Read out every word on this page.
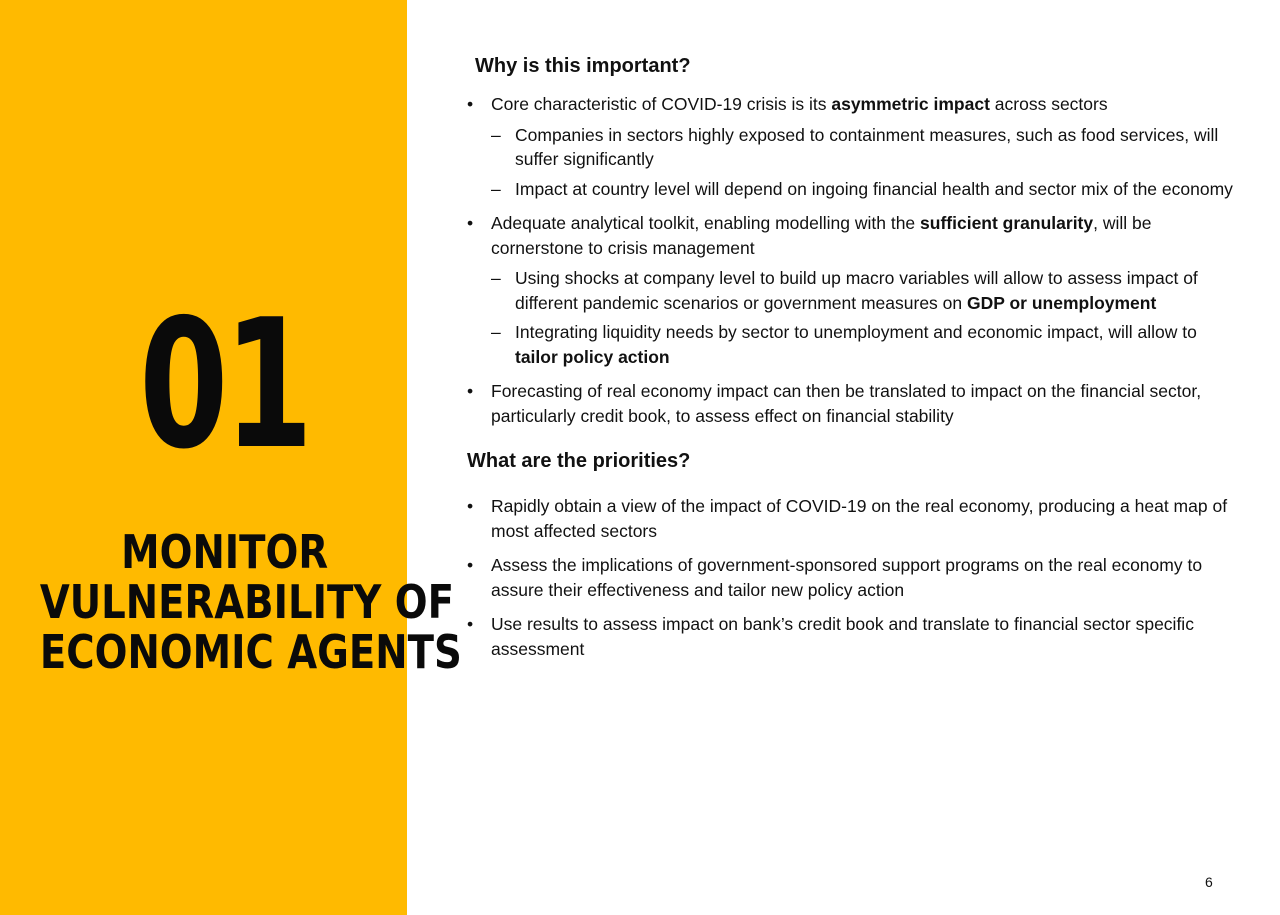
01
MONITOR
VULNERABILITY OF
ECONOMIC AGENTS
Why is this important?
• Core characteristic of COVID-19 crisis is its asymmetric impact across sectors
– Companies in sectors highly exposed to containment measures, such as food services, will suffer significantly
– Impact at country level will depend on ingoing financial health and sector mix of the economy
• Adequate analytical toolkit, enabling modelling with the sufficient granularity, will be cornerstone to crisis management
– Using shocks at company level to build up macro variables will allow to assess impact of different pandemic scenarios or government measures on GDP or unemployment
– Integrating liquidity needs by sector to unemployment and economic impact, will allow to tailor policy action
• Forecasting of real economy impact can then be translated to impact on the financial sector, particularly credit book, to assess effect on financial stability
What are the priorities?
• Rapidly obtain a view of the impact of COVID-19 on the real economy, producing a heat map of most affected sectors
• Assess the implications of government-sponsored support programs on the real economy to assure their effectiveness and tailor new policy action
• Use results to assess impact on bank’s credit book and translate to financial sector specific assessment
6
